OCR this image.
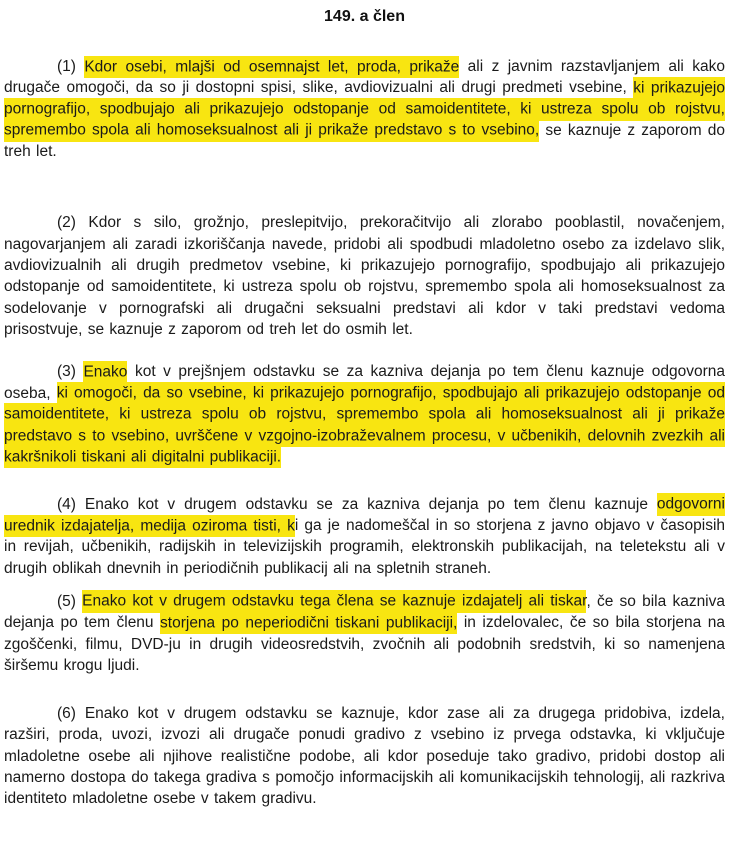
149. a člen

(1) Kdor osebi, mlajši od osemnajst let, proda, prikaže ali z javnim razstavljanjem ali kako drugače omogoči, da so ji dostopni spisi, slike, avdiovizualni ali drugi predmeti vsebine, ki prikazujejo pornografijo, spodbujajo ali prikazujejo odstopanje od samoidentitete, ki ustreza spolu ob rojstvu, spremembo spola ali homoseksualnost ali ji prikaže predstavo s to vsebino, se kaznuje z zaporom do treh let.

(2) Kdor s silo, grožnjo, preslepitvijo, prekoračitvijo ali zlorabo pooblastil, novačenjem, nagovarjanjem ali zaradi izkoriščanja navede, pridobi ali spodbudi mladoletno osebo za izdelavo slik, avdiovizualnih ali drugih predmetov vsebine, ki prikazujejo pornografijo, spodbujajo ali prikazujejo odstopanje od samoidentitete, ki ustreza spolu ob rojstvu, spremembo spola ali homoseksualnost za sodelovanje v pornografski ali drugačni seksualni predstavi ali kdor v taki predstavi vedoma prisostvuje, se kaznuje z zaporom od treh let do osmih let.

(3) Enako kot v prejšnjem odstavku se za kazniva dejanja po tem členu kaznuje odgovorna oseba, ki omogoči, da so vsebine, ki prikazujejo pornografijo, spodbujajo ali prikazujejo odstopanje od samoidentitete, ki ustreza spolu ob rojstvu, spremembo spola ali homoseksualnost ali ji prikaže predstavo s to vsebino, uvrščene v vzgojno-izobraževalnem procesu, v učbenikih, delovnih zvezkih ali kakršnikoli tiskani ali digitalni publikaciji.

(4) Enako kot v drugem odstavku se za kazniva dejanja po tem členu kaznuje odgovorni urednik izdajatelja, medija oziroma tisti, ki ga je nadomeščal in so storjena z javno objavo v časopisih in revijah, učbenikih, radijskih in televizijskih programih, elektronskih publikacijah, na teletekstu ali v drugih oblikah dnevnih in periodičnih publikacij ali na spletnih straneh.

(5) Enako kot v drugem odstavku tega člena se kaznuje izdajatelj ali tiskar, če so bila kazniva dejanja po tem členu storjena po neperiodični tiskani publikaciji, in izdelovalec, če so bila storjena na zgoščenki, filmu, DVD-ju in drugih videosredstvih, zvočnih ali podobnih sredstvih, ki so namenjena širšemu krogu ljudi.

(6) Enako kot v drugem odstavku se kaznuje, kdor zase ali za drugega pridobiva, izdela, razširi, proda, uvozi, izvozi ali drugače ponudi gradivo z vsebino iz prvega odstavka, ki vključuje mladoletne osebe ali njihove realistične podobe, ali kdor poseduje tako gradivo, pridobi dostop ali namerno dostopa do takega gradiva s pomočjo informacijskih ali komunikacijskih tehnologij, ali razkriva identiteto mladoletne osebe v takem gradivu.
